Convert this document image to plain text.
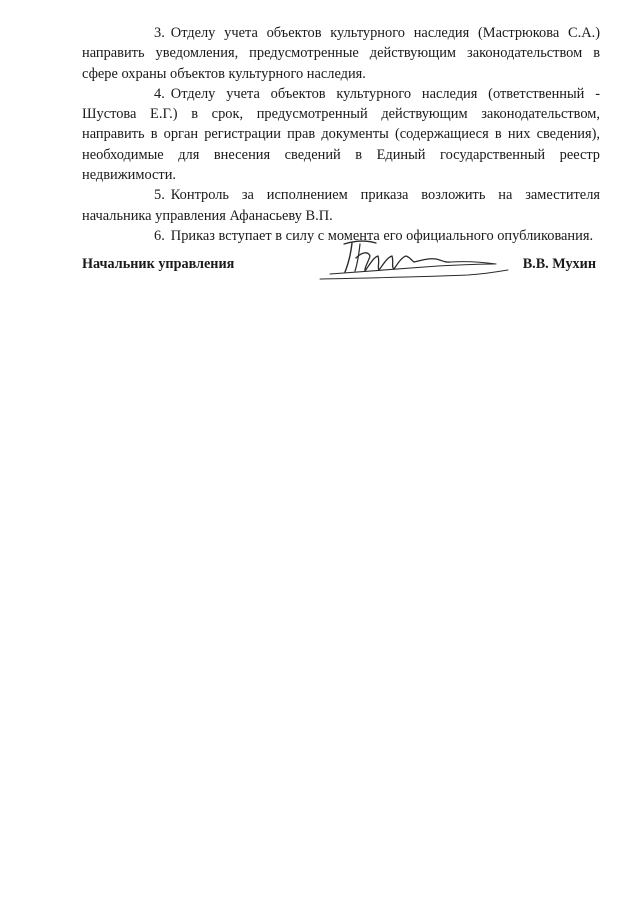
3. Отделу учета объектов культурного наследия (Мастрюкова С.А.) направить уведомления, предусмотренные действующим законодательством в сфере охраны объектов культурного наследия.

4. Отделу учета объектов культурного наследия (ответственный - Шустова Е.Г.) в срок, предусмотренный действующим законодательством, направить в орган регистрации прав документы (содержащиеся в них сведения), необходимые для внесения сведений в Единый государственный реестр недвижимости.

5. Контроль за исполнением приказа возложить на заместителя начальника управления Афанасьеву В.П.

6. Приказ вступает в силу с момента его официального опубликования.

Начальник управления	В.В. Мухин
